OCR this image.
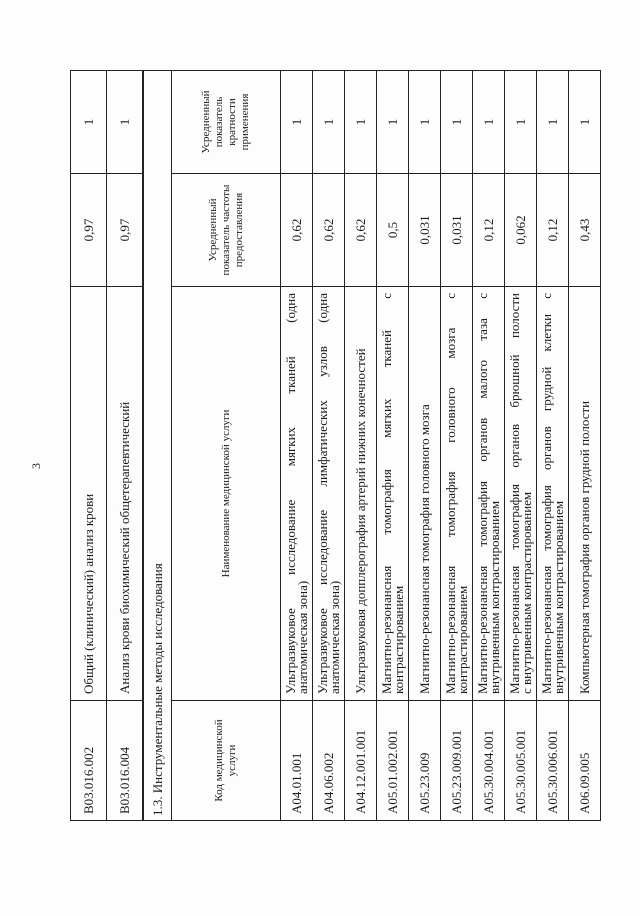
3
B03.016.002	Общий (клинический) анализ крови	0,97	1
B03.016.004	Анализ крови биохимический общетерапевтический	0,97	1
1.3. Инструментальные методы исследования			
Код медицинской услуги	Наименование медицинской услуги	Усредненный показатель частоты предоставления	Усредненный показатель кратности применения
A04.01.001	Ультразвуковое исследование мягких тканей (одна
анатомическая зона)	0,62	1
A04.06.002	Ультразвуковое исследование лимфатических узлов (одна
анатомическая зона)	0,62	1
A04.12.001.001	Ультразвуковая допплерография артерий нижних конечностей	0,62	1
A05.01.002.001	Магнитно-резонансная томография мягких тканей с
контрастированием	0,5	1
A05.23.009	Магнитно-резонансная томография головного мозга	0,031	1
A05.23.009.001	Магнитно-резонансная томография головного мозга с
контрастированием	0,031	1
A05.30.004.001	Магнитно-резонансная томография органов малого таза с
внутривенным контрастированием	0,12	1
A05.30.005.001	Магнитно-резонансная томография органов брюшной полости
с внутривенным контрастированием	0,062	1
A05.30.006.001	Магнитно-резонансная томография органов грудной клетки с
внутривенным контрастированием	0,12	1
A06.09.005	Компьютерная томография органов грудной полости	0,43	1
